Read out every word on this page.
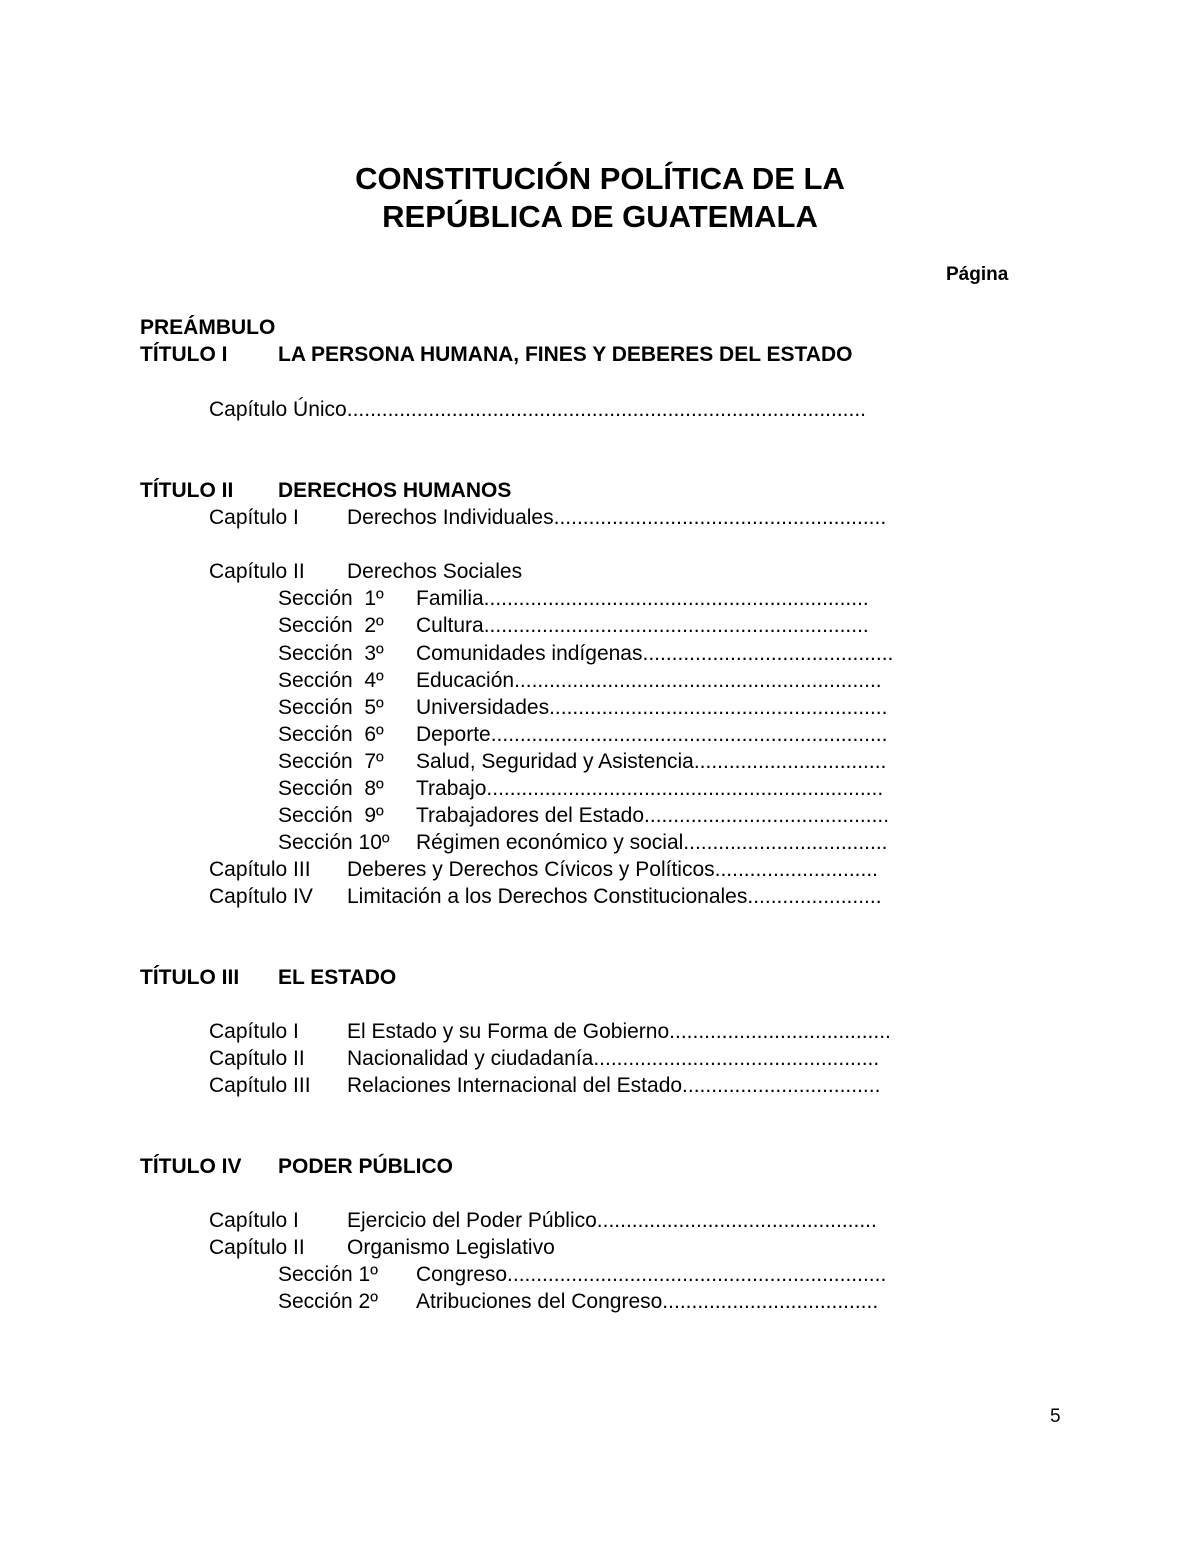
CONSTITUCIÓN POLÍTICA DE LA
REPÚBLICA DE GUATEMALA
Página
PREÁMBULO
TÍTULO I LA PERSONA HUMANA, FINES Y DEBERES DEL ESTADO
Capítulo Único.........................................................................................
TÍTULO II DERECHOS HUMANOS
Capítulo I Derechos Individuales.........................................................
Capítulo II Derechos Sociales
Sección  1º Familia..................................................................
Sección  2º Cultura..................................................................
Sección  3º Comunidades indígenas...........................................
Sección  4º Educación...............................................................
Sección  5º Universidades..........................................................
Sección  6º Deporte....................................................................
Sección  7º Salud, Seguridad y Asistencia.................................
Sección  8º Trabajo....................................................................
Sección  9º Trabajadores del Estado..........................................
Sección 10º Régimen económico y social...................................
Capítulo III Deberes y Derechos Cívicos y Políticos............................
Capítulo IV Limitación a los Derechos Constitucionales.......................
TÍTULO III EL ESTADO
Capítulo I El Estado y su Forma de Gobierno......................................
Capítulo II Nacionalidad y ciudadanía.................................................
Capítulo III Relaciones Internacional del Estado..................................
TÍTULO IV PODER PÚBLICO
Capítulo I Ejercicio del Poder Público................................................
Capítulo II Organismo Legislativo
Sección 1º Congreso.................................................................
Sección 2º Atribuciones del Congreso.....................................
5
